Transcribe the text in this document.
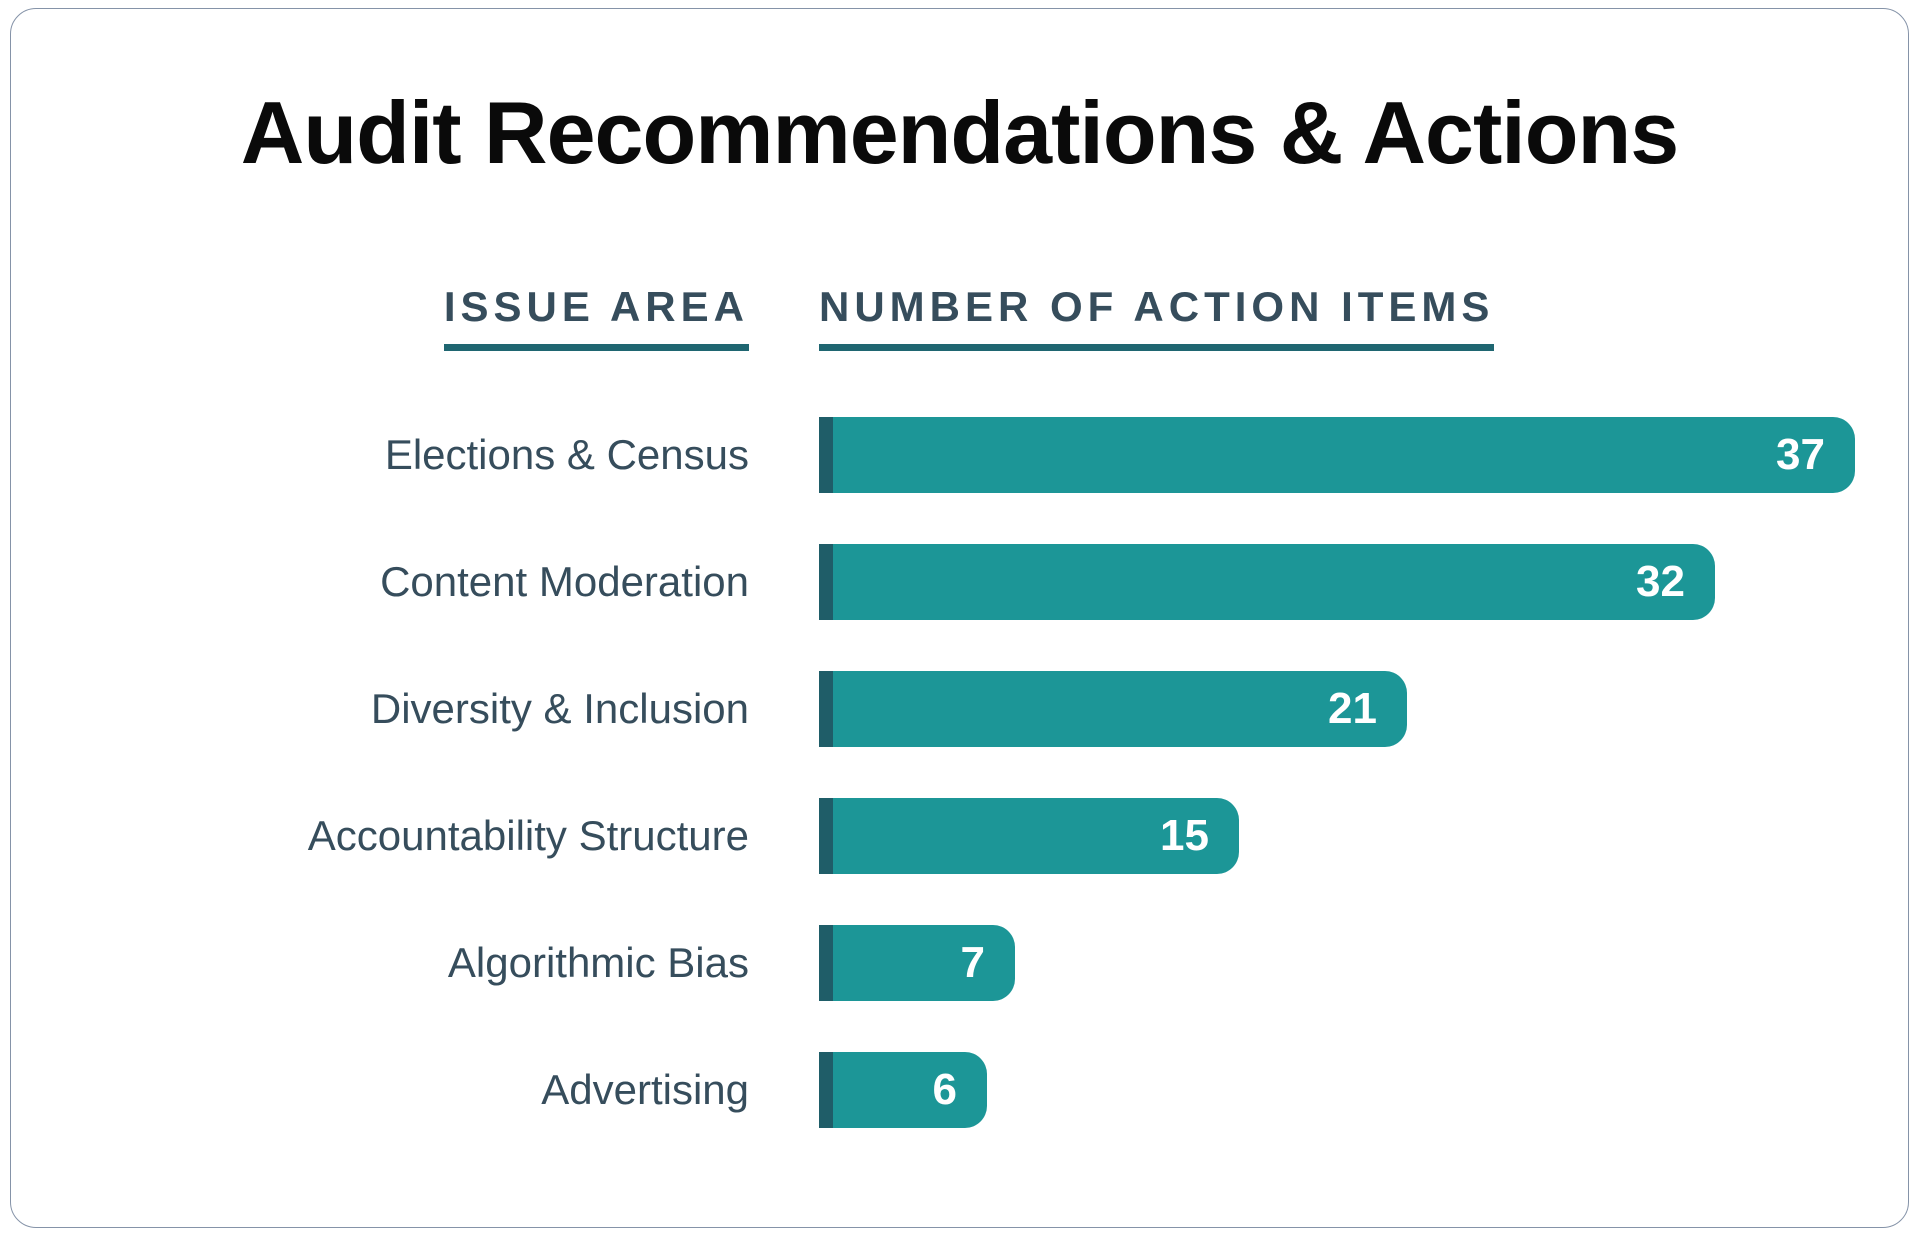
Audit Recommendations & Actions
ISSUE AREA NUMBER OF ACTION ITEMS
Elections & Census	37
Content Moderation	32
Diversity & Inclusion	21
Accountability Structure	15
Algorithmic Bias	7
Advertising	6
